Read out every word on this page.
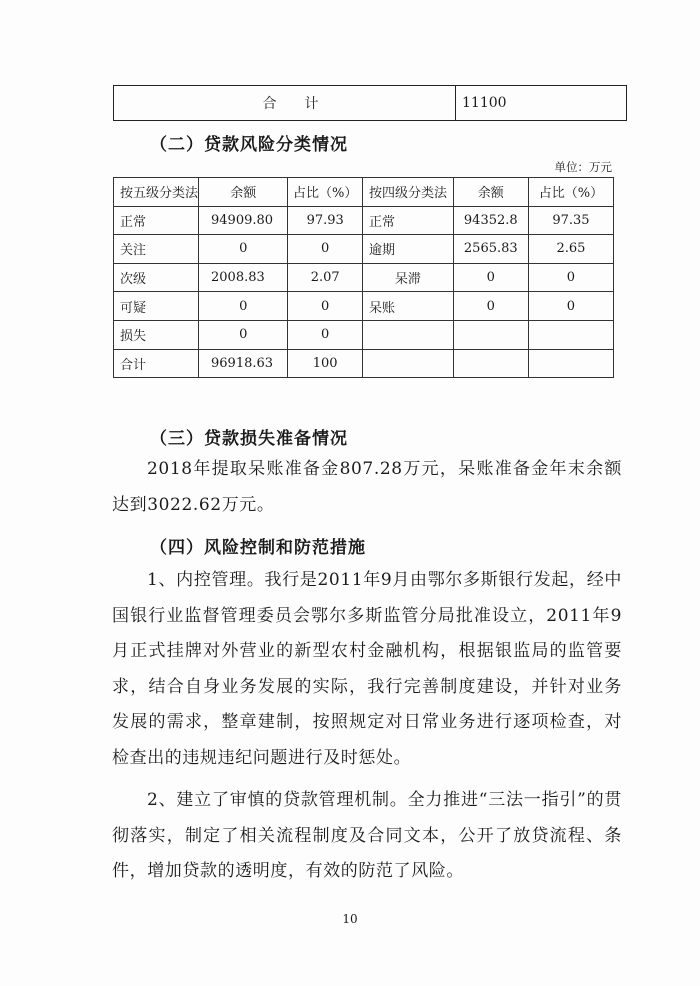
合计	11100
（二）贷款风险分类情况
单位：万元
按五级分类法	余额	占比（%）	按四级分类法	余额	占比（%）
正常	94909.80	97.93	正常	94352.8	97.35
关注	0	0	逾期	2565.83	2.65
次级	2008.83	2.07	呆滞	0	0
可疑	0	0	呆账	0	0
损失	0	0			
合计	96918.63	100			
（三）贷款损失准备情况
2018年提取呆账准备金807.28万元，呆账准备金年末余额达到3022.62万元。
（四）风险控制和防范措施
1、内控管理。我行是2011年9月由鄂尔多斯银行发起，经中国银行业监督管理委员会鄂尔多斯监管分局批准设立，2011年9月正式挂牌对外营业的新型农村金融机构，根据银监局的监管要求，结合自身业务发展的实际，我行完善制度建设，并针对业务发展的需求，整章建制，按照规定对日常业务进行逐项检查，对检查出的违规违纪问题进行及时惩处。
2、建立了审慎的贷款管理机制。全力推进“三法一指引”的贯彻落实，制定了相关流程制度及合同文本，公开了放贷流程、条件，增加贷款的透明度，有效的防范了风险。
10
